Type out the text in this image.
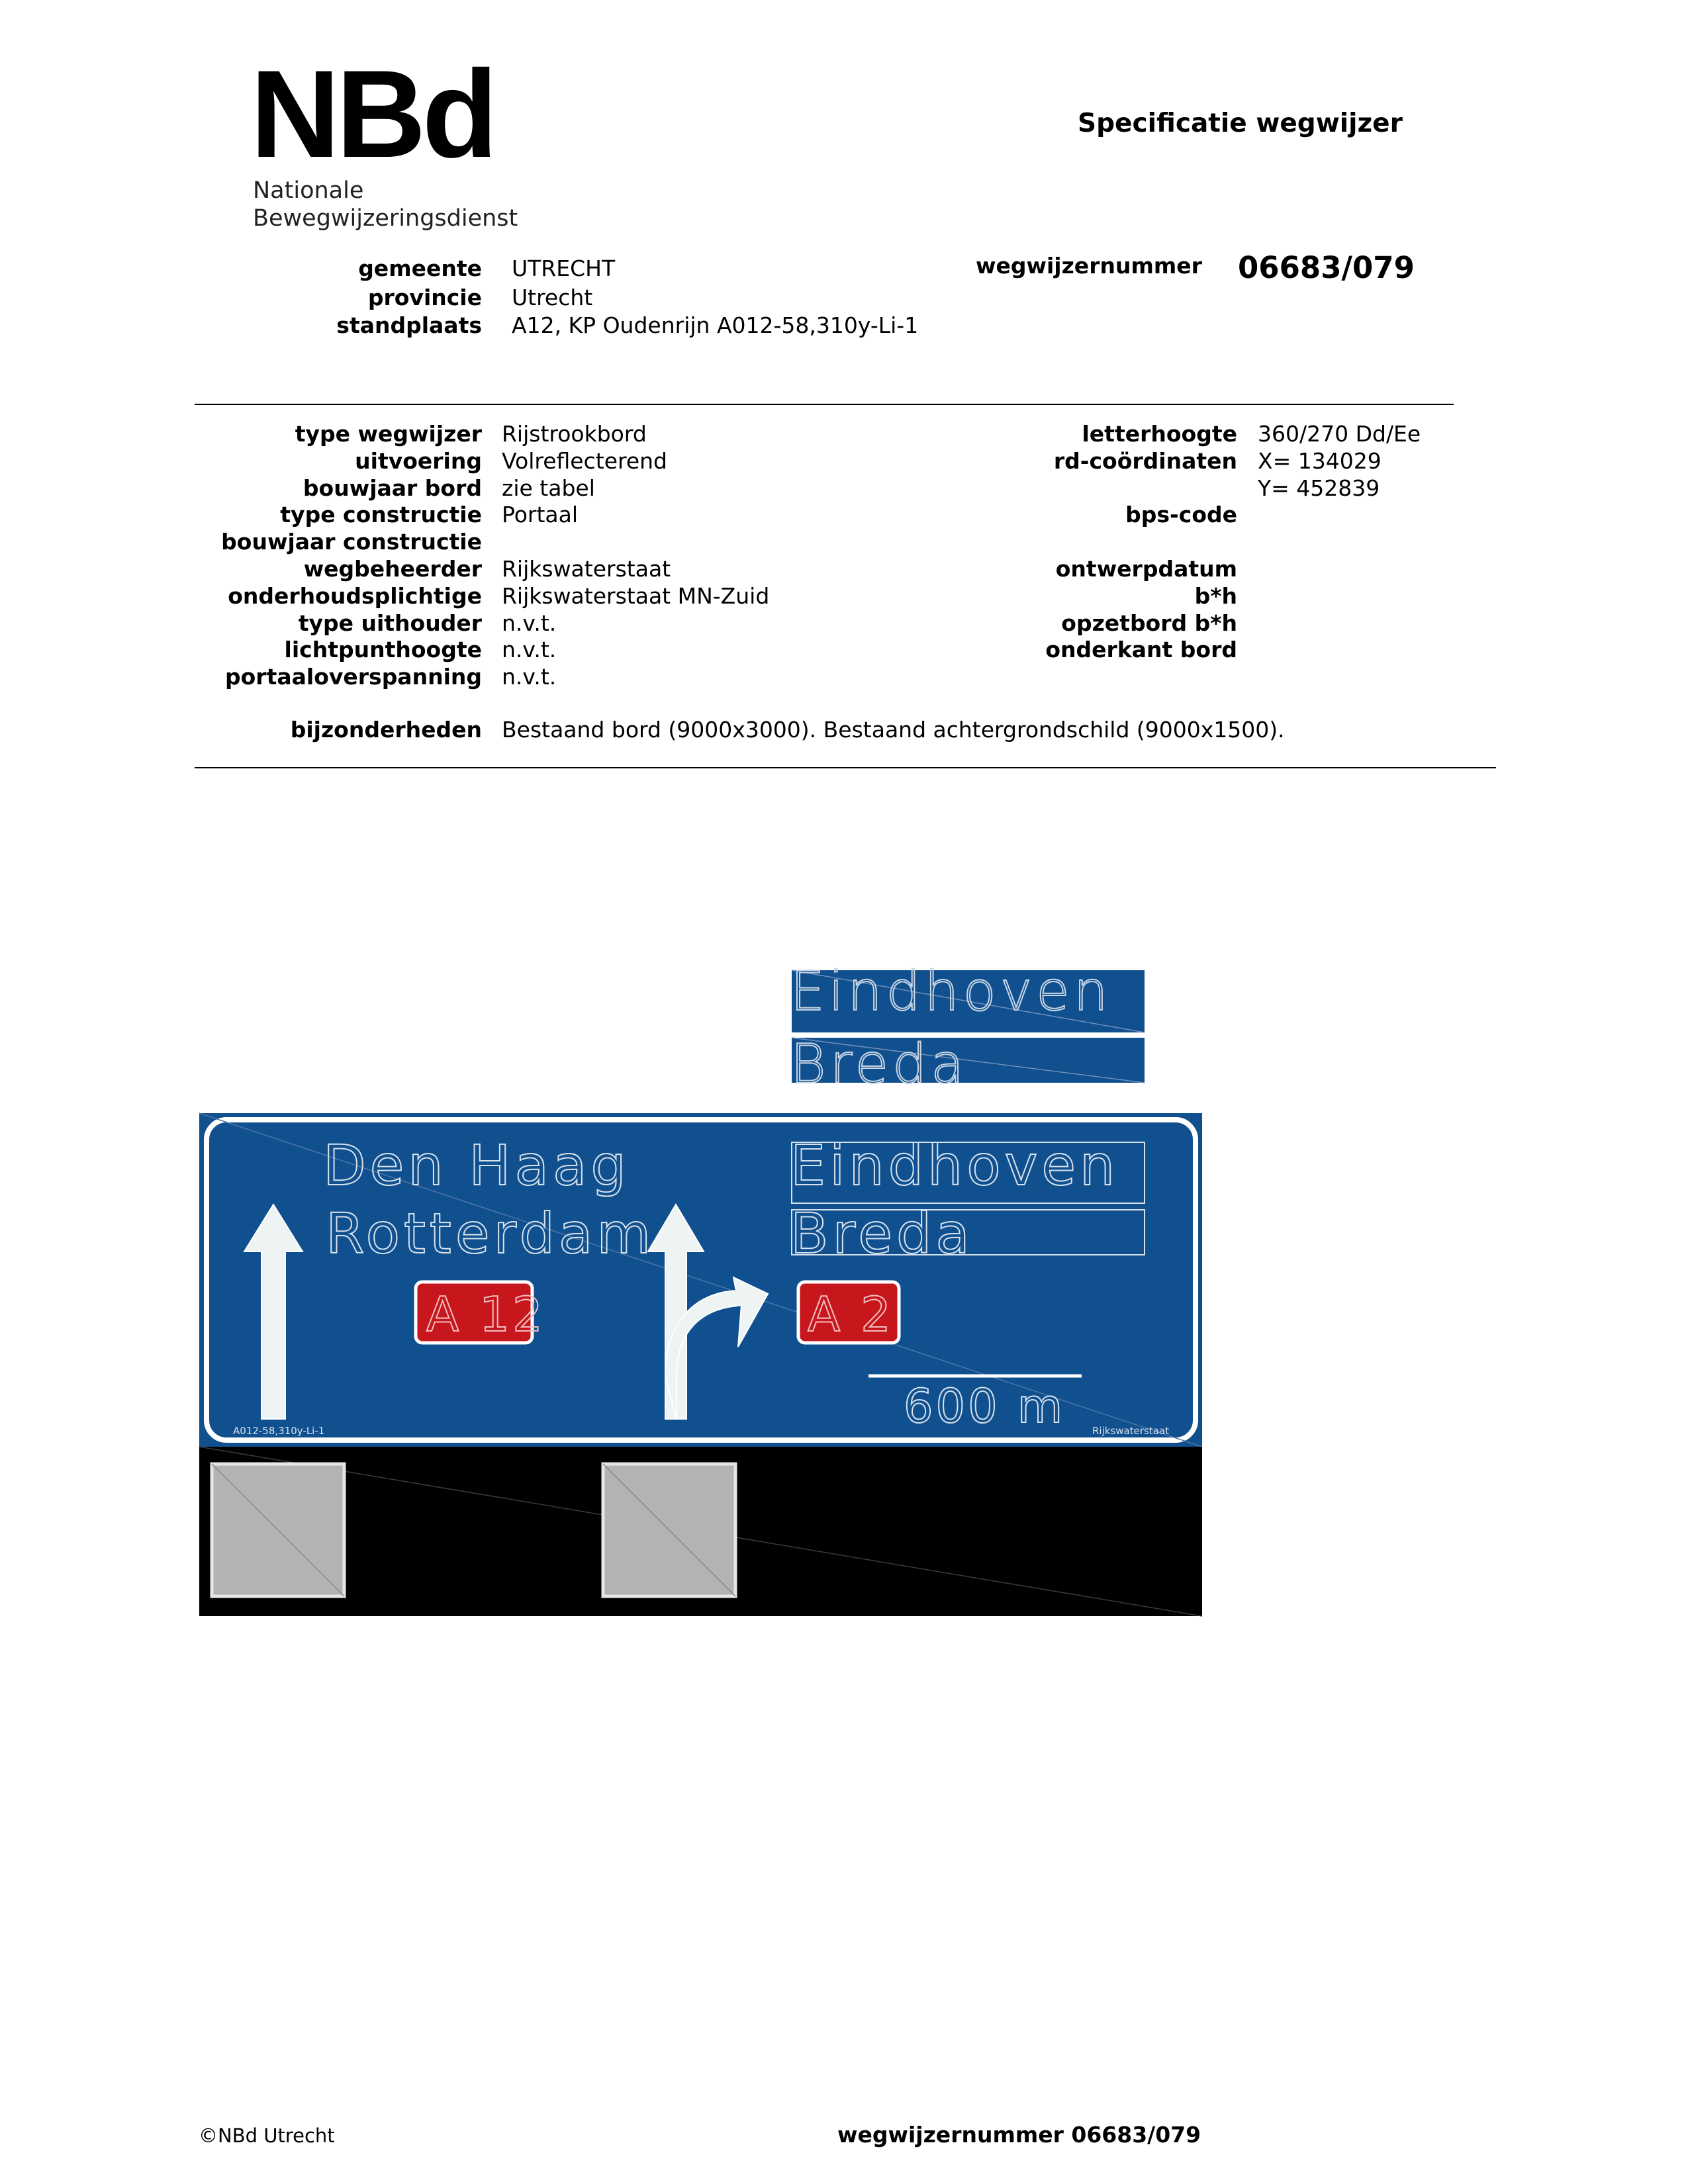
NBd
Nationale
Bewegwijzeringsdienst
Specificatie wegwijzer
gemeente UTRECHT
provincie Utrecht
standplaats A12, KP Oudenrijn A012-58,310y-Li-1
wegwijzernummer 06683/079
type wegwijzer Rijstrookbord
uitvoering Volreflecterend
bouwjaar bord zie tabel
type constructie Portaal
bouwjaar constructie
wegbeheerder Rijkswaterstaat
onderhoudsplichtige Rijkswaterstaat MN-Zuid
type uithouder n.v.t.
lichtpunthoogte n.v.t.
portaaloverspanning n.v.t.
letterhoogte 360/270 Dd/Ee
rd-coördinaten X= 134029
Y= 452839
bps-code
ontwerpdatum
b*h
opzetbord b*h
onderkant bord
bijzonderheden Bestaand bord (9000x3000). Bestaand achtergrondschild (9000x1500).
Eindhoven
Breda
Den Haag
Rotterdam
Eindhoven
Breda
A 12	A 2
600 m
A012-58,310y-Li-1	Rijkswaterstaat
©NBd Utrecht	wegwijzernummer 06683/079
